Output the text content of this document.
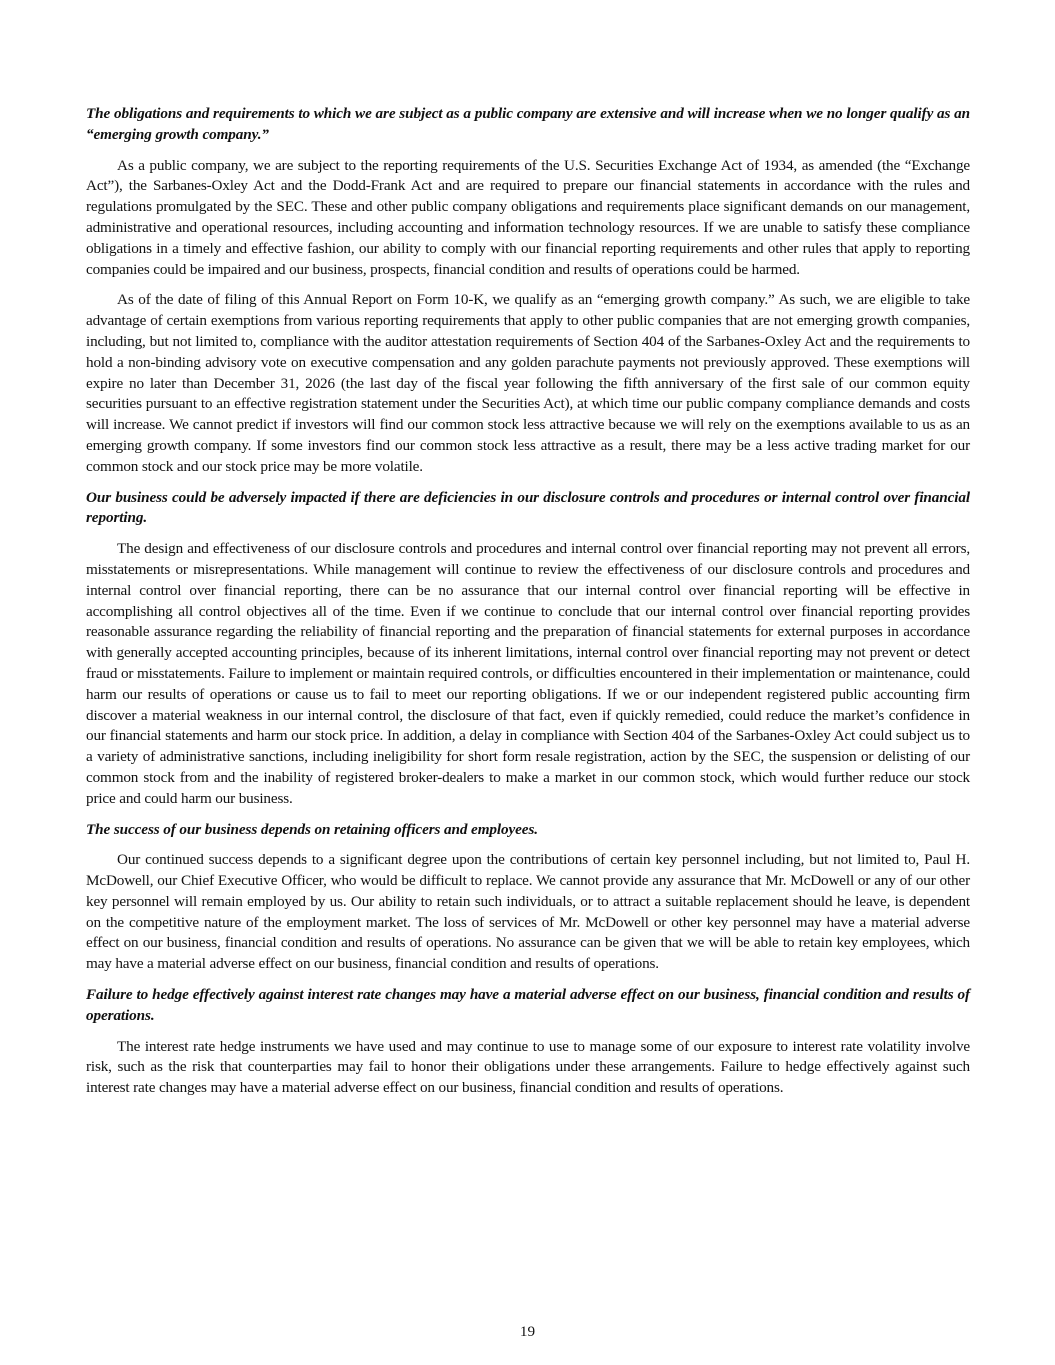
The obligations and requirements to which we are subject as a public company are extensive and will increase when we no longer qualify as an “emerging growth company.”

As a public company, we are subject to the reporting requirements of the U.S. Securities Exchange Act of 1934, as amended (the “Exchange Act”), the Sarbanes-Oxley Act and the Dodd-Frank Act and are required to prepare our financial statements in accordance with the rules and regulations promulgated by the SEC. These and other public company obligations and requirements place significant demands on our management, administrative and operational resources, including accounting and information technology resources. If we are unable to satisfy these compliance obligations in a timely and effective fashion, our ability to comply with our financial reporting requirements and other rules that apply to reporting companies could be impaired and our business, prospects, financial condition and results of operations could be harmed.

As of the date of filing of this Annual Report on Form 10-K, we qualify as an “emerging growth company.” As such, we are eligible to take advantage of certain exemptions from various reporting requirements that apply to other public companies that are not emerging growth companies, including, but not limited to, compliance with the auditor attestation requirements of Section 404 of the Sarbanes-Oxley Act and the requirements to hold a non-binding advisory vote on executive compensation and any golden parachute payments not previously approved. These exemptions will expire no later than December 31, 2026 (the last day of the fiscal year following the fifth anniversary of the first sale of our common equity securities pursuant to an effective registration statement under the Securities Act), at which time our public company compliance demands and costs will increase. We cannot predict if investors will find our common stock less attractive because we will rely on the exemptions available to us as an emerging growth company. If some investors find our common stock less attractive as a result, there may be a less active trading market for our common stock and our stock price may be more volatile.

Our business could be adversely impacted if there are deficiencies in our disclosure controls and procedures or internal control over financial reporting.

The design and effectiveness of our disclosure controls and procedures and internal control over financial reporting may not prevent all errors, misstatements or misrepresentations. While management will continue to review the effectiveness of our disclosure controls and procedures and internal control over financial reporting, there can be no assurance that our internal control over financial reporting will be effective in accomplishing all control objectives all of the time. Even if we continue to conclude that our internal control over financial reporting provides reasonable assurance regarding the reliability of financial reporting and the preparation of financial statements for external purposes in accordance with generally accepted accounting principles, because of its inherent limitations, internal control over financial reporting may not prevent or detect fraud or misstatements. Failure to implement or maintain required controls, or difficulties encountered in their implementation or maintenance, could harm our results of operations or cause us to fail to meet our reporting obligations. If we or our independent registered public accounting firm discover a material weakness in our internal control, the disclosure of that fact, even if quickly remedied, could reduce the market’s confidence in our financial statements and harm our stock price. In addition, a delay in compliance with Section 404 of the Sarbanes-Oxley Act could subject us to a variety of administrative sanctions, including ineligibility for short form resale registration, action by the SEC, the suspension or delisting of our common stock from and the inability of registered broker-dealers to make a market in our common stock, which would further reduce our stock price and could harm our business.

The success of our business depends on retaining officers and employees.

Our continued success depends to a significant degree upon the contributions of certain key personnel including, but not limited to, Paul H. McDowell, our Chief Executive Officer, who would be difficult to replace. We cannot provide any assurance that Mr. McDowell or any of our other key personnel will remain employed by us. Our ability to retain such individuals, or to attract a suitable replacement should he leave, is dependent on the competitive nature of the employment market. The loss of services of Mr. McDowell or other key personnel may have a material adverse effect on our business, financial condition and results of operations. No assurance can be given that we will be able to retain key employees, which may have a material adverse effect on our business, financial condition and results of operations.

Failure to hedge effectively against interest rate changes may have a material adverse effect on our business, financial condition and results of operations.

The interest rate hedge instruments we have used and may continue to use to manage some of our exposure to interest rate volatility involve risk, such as the risk that counterparties may fail to honor their obligations under these arrangements. Failure to hedge effectively against such interest rate changes may have a material adverse effect on our business, financial condition and results of operations.

19
